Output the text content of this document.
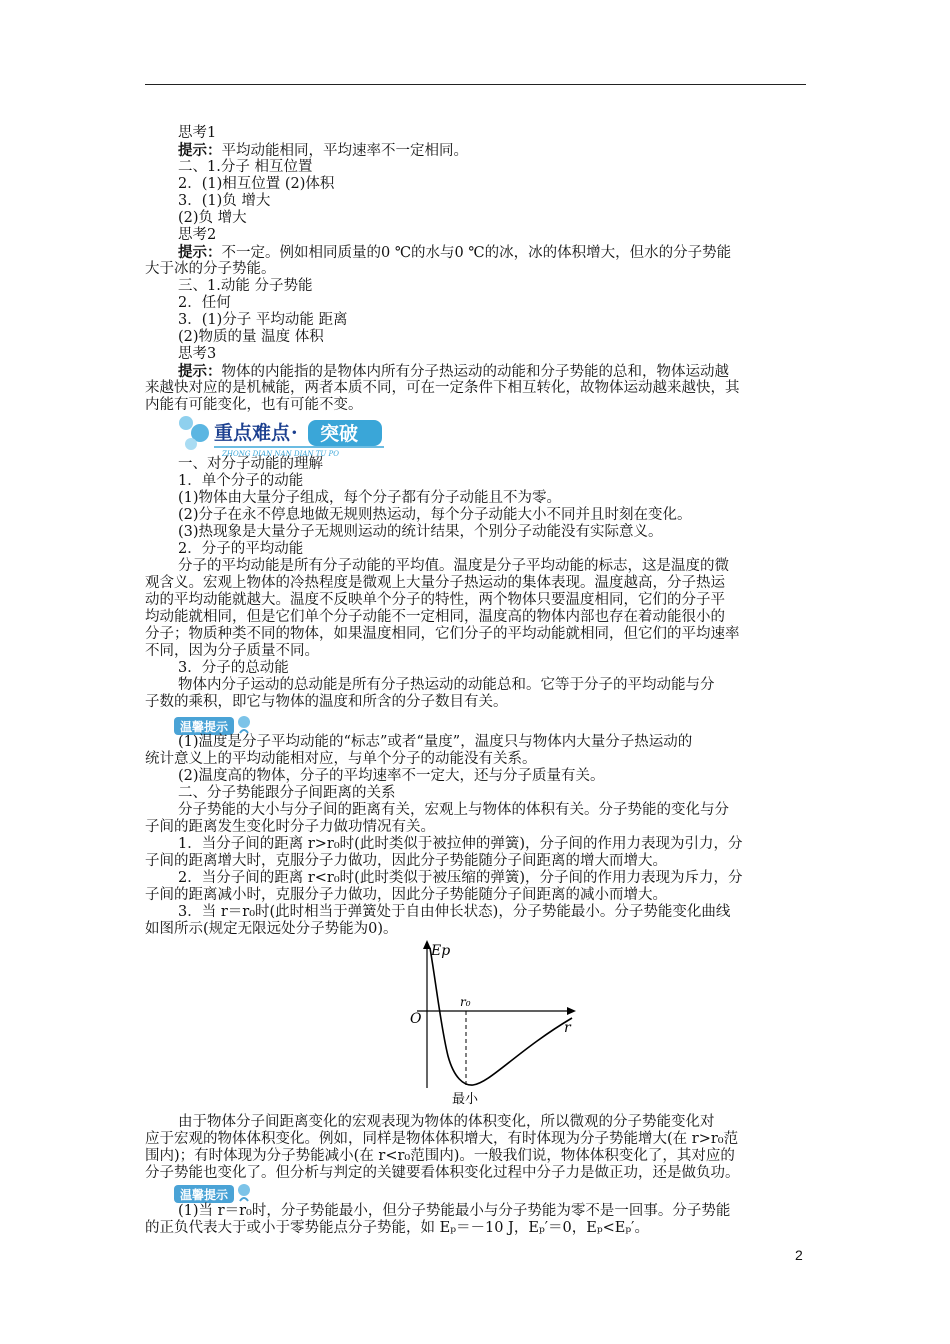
思考1
提示：平均动能相同，平均速率不一定相同。
二、1.分子 相互位置
2．(1)相互位置 (2)体积
3．(1)负 增大
(2)负 增大
思考2
提示：不一定。例如相同质量的0 ℃的水与0 ℃的冰，冰的体积增大，但水的分子势能
大于冰的分子势能。
三、1.动能 分子势能
2．任何
3．(1)分子 平均动能 距离
(2)物质的量 温度 体积
思考3
提示：物体的内能指的是物体内所有分子热运动的动能和分子势能的总和，物体运动越
来越快对应的是机械能，两者本质不同，可在一定条件下相互转化，故物体运动越来越快，其
内能有可能变化，也有可能不变。
重点难点 · 突破
ZHONG DIAN NAN DIAN TU PO
一、对分子动能的理解
1．单个分子的动能
(1)物体由大量分子组成，每个分子都有分子动能且不为零。
(2)分子在永不停息地做无规则热运动，每个分子动能大小不同并且时刻在变化。
(3)热现象是大量分子无规则运动的统计结果，个别分子动能没有实际意义。
2．分子的平均动能
分子的平均动能是所有分子动能的平均值。温度是分子平均动能的标志，这是温度的微
观含义。宏观上物体的冷热程度是微观上大量分子热运动的集体表现。温度越高，分子热运
动的平均动能就越大。温度不反映单个分子的特性，两个物体只要温度相同，它们的分子平
均动能就相同，但是它们单个分子动能不一定相同，温度高的物体内部也存在着动能很小的
分子；物质种类不同的物体，如果温度相同，它们分子的平均动能就相同，但它们的平均速率
不同，因为分子质量不同。
3．分子的总动能
物体内分子运动的总动能是所有分子热运动的动能总和。它等于分子的平均动能与分
子数的乘积，即它与物体的温度和所含的分子数目有关。
温馨提示
(1)温度是分子平均动能的“标志”或者“量度”，温度只与物体内大量分子热运动的
统计意义上的平均动能相对应，与单个分子的动能没有关系。
(2)温度高的物体，分子的平均速率不一定大，还与分子质量有关。
二、分子势能跟分子间距离的关系
分子势能的大小与分子间的距离有关，宏观上与物体的体积有关。分子势能的变化与分
子间的距离发生变化时分子力做功情况有关。
1．当分子间的距离 r>r₀时(此时类似于被拉伸的弹簧)，分子间的作用力表现为引力，分
子间的距离增大时，克服分子力做功，因此分子势能随分子间距离的增大而增大。
2．当分子间的距离 r<r₀时(此时类似于被压缩的弹簧)，分子间的作用力表现为斥力，分
子间的距离减小时，克服分子力做功，因此分子势能随分子间距离的减小而增大。
3．当 r＝r₀时(此时相当于弹簧处于自由伸长状态)，分子势能最小。分子势能变化曲线
如图所示(规定无限远处分子势能为0)。
Ep
O
r
r₀
最小
由于物体分子间距离变化的宏观表现为物体的体积变化，所以微观的分子势能变化对
应于宏观的物体体积变化。例如，同样是物体体积增大，有时体现为分子势能增大(在 r>r₀范
围内)；有时体现为分子势能减小(在 r<r₀范围内)。一般我们说，物体体积变化了，其对应的
分子势能也变化了。但分析与判定的关键要看体积变化过程中分子力是做正功，还是做负功。
温馨提示
(1)当 r＝r₀时，分子势能最小，但分子势能最小与分子势能为零不是一回事。分子势能
的正负代表大于或小于零势能点分子势能，如 Eₚ＝－10 J，Eₚ′＝0，Eₚ<Eₚ′。
2
